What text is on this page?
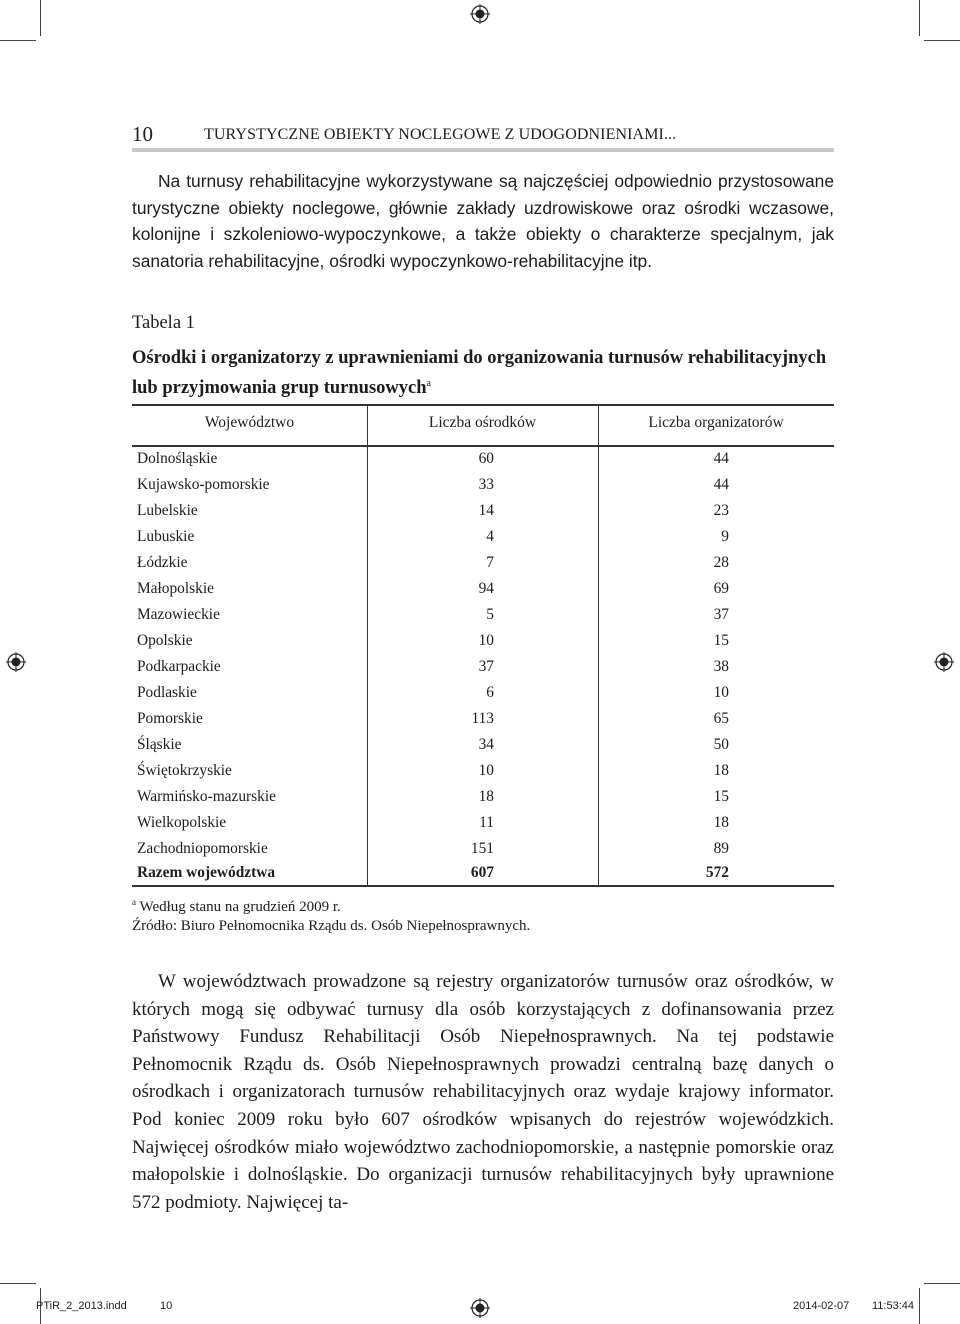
10	TURYSTYCZNE OBIEKTY NOCLEGOWE Z UDOGODNIENIAMI...
Na turnusy rehabilitacyjne wykorzystywane są najczęściej odpowiednio przystosowane turystyczne obiekty noclegowe, głównie zakłady uzdrowiskowe oraz ośrodki wczasowe, kolonijne i szkoleniowo-wypoczynkowe, a także obiekty o charakterze specjalnym, jak sanatoria rehabilitacyjne, ośrodki wypoczynkowo-rehabilitacyjne itp.
Tabela 1
Ośrodki i organizatorzy z uprawnieniami do organizowania turnusów rehabilitacyjnych lub przyjmowania grup turnusowych$^a$
Województwo	Liczba ośrodków	Liczba organizatorów
Dolnośląskie	60	44
Kujawsko-pomorskie	33	44
Lubelskie	14	23
Lubuskie	4	9
Łódzkie	7	28
Małopolskie	94	69
Mazowieckie	5	37
Opolskie	10	15
Podkarpackie	37	38
Podlaskie	6	10
Pomorskie	113	65
Śląskie	34	50
Świętokrzyskie	10	18
Warmińsko-mazurskie	18	15
Wielkopolskie	11	18
Zachodniopomorskie	151	89
Razem województwa	607	572
$^a$ Według stanu na grudzień 2009 r.
Źródło: Biuro Pełnomocnika Rządu ds. Osób Niepełnosprawnych.
W województwach prowadzone są rejestry organizatorów turnusów oraz ośrodków, w których mogą się odbywać turnusy dla osób korzystających z dofinansowania przez Państwowy Fundusz Rehabilitacji Osób Niepełnosprawnych. Na tej podstawie Pełnomocnik Rządu ds. Osób Niepełnosprawnych prowadzi centralną bazę danych o ośrodkach i organizatorach turnusów rehabilitacyjnych oraz wydaje krajowy informator. Pod koniec 2009 roku było 607 ośrodków wpisanych do rejestrów wojewódzkich. Najwięcej ośrodków miało województwo zachodniopomorskie, a następnie pomorskie oraz małopolskie i dolnośląskie. Do organizacji turnusów rehabilitacyjnych były uprawnione 572 podmioty. Najwięcej ta-
PTiR_2_2013.indd	10	2014-02-07 11:53:44
